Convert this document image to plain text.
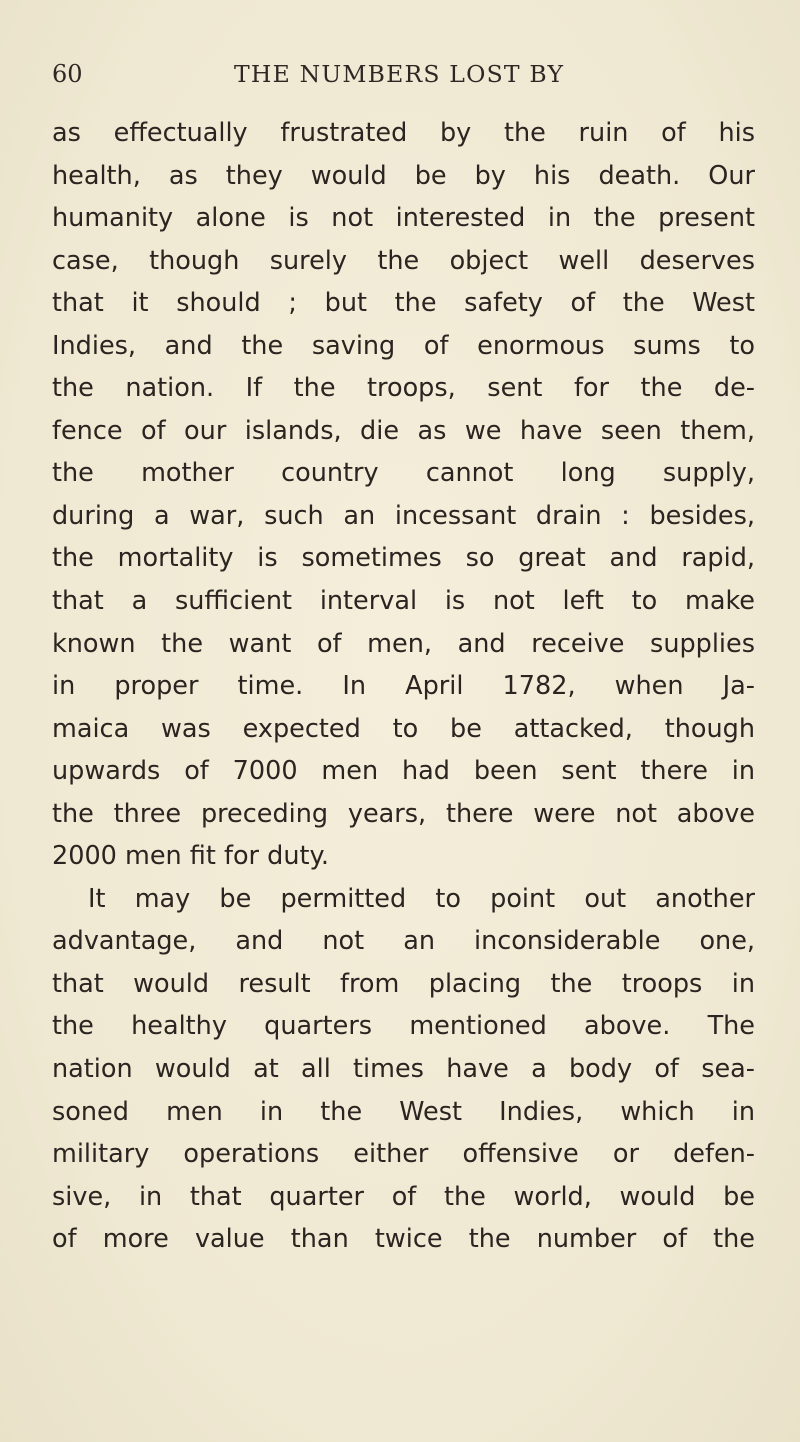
60	THE NUMBERS LOST BY
as effectually frustrated by the ruin of his
health, as they would be by his death. Our
humanity alone is not interested in the present
case, though surely the object well deserves
that it should ; but the safety of the West
Indies, and the saving of enormous sums to
the nation. If the troops, sent for the de-
fence of our islands, die as we have seen them,
the mother country cannot long supply,
during a war, such an incessant drain : besides,
the mortality is sometimes so great and rapid,
that a sufficient interval is not left to make
known the want of men, and receive supplies
in proper time. In April 1782, when Ja-
maica was expected to be attacked, though
upwards of 7000 men had been sent there in
the three preceding years, there were not above
2000 men fit for duty.
It may be permitted to point out another
advantage, and not an inconsiderable one,
that would result from placing the troops in
the healthy quarters mentioned above. The
nation would at all times have a body of sea-
soned men in the West Indies, which in
military operations either offensive or defen-
sive, in that quarter of the world, would be
of more value than twice the number of the
